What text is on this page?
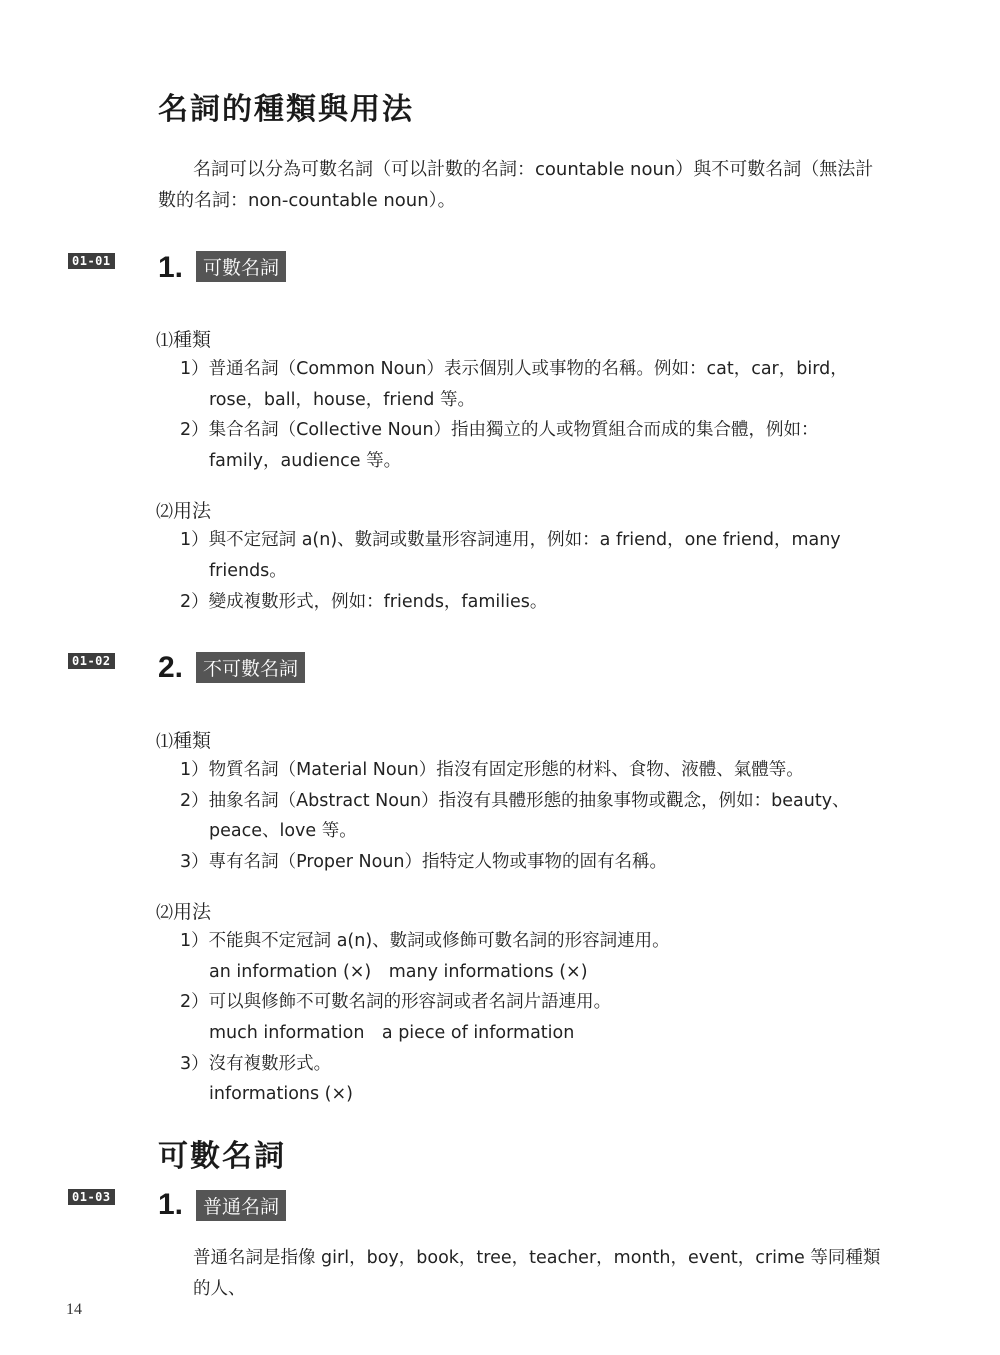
名詞的種類與用法
名詞可以分為可數名詞（可以計數的名詞：countable noun）與不可數名詞（無法計
數的名詞：non-countable noun）。
01-01 1.	可數名詞
⑴種類
1）普通名詞（Common Noun）表示個別人或事物的名稱。例如：cat，car，bird，
rose，ball，house，friend 等。
2）集合名詞（Collective Noun）指由獨立的人或物質組合而成的集合體，例如：
family，audience 等。
⑵用法
1）與不定冠詞 a(n)、數詞或數量形容詞連用，例如：a friend，one friend，many
friends。
2）變成複數形式，例如：friends，families。
01-02 2.	不可數名詞
⑴種類
1）物質名詞（Material Noun）指沒有固定形態的材料、食物、液體、氣體等。
2）抽象名詞（Abstract Noun）指沒有具體形態的抽象事物或觀念，例如：beauty、
peace、love 等。
3）專有名詞（Proper Noun）指特定人物或事物的固有名稱。
⑵用法
1）不能與不定冠詞 a(n)、數詞或修飾可數名詞的形容詞連用。
an information (×)　many informations (×)
2）可以與修飾不可數名詞的形容詞或者名詞片語連用。
much information　a piece of information
3）沒有複數形式。
informations (×)
可數名詞
01-03 1.	普通名詞
普通名詞是指像 girl，boy，book，tree，teacher，month，event，crime 等同種類的人、
14
